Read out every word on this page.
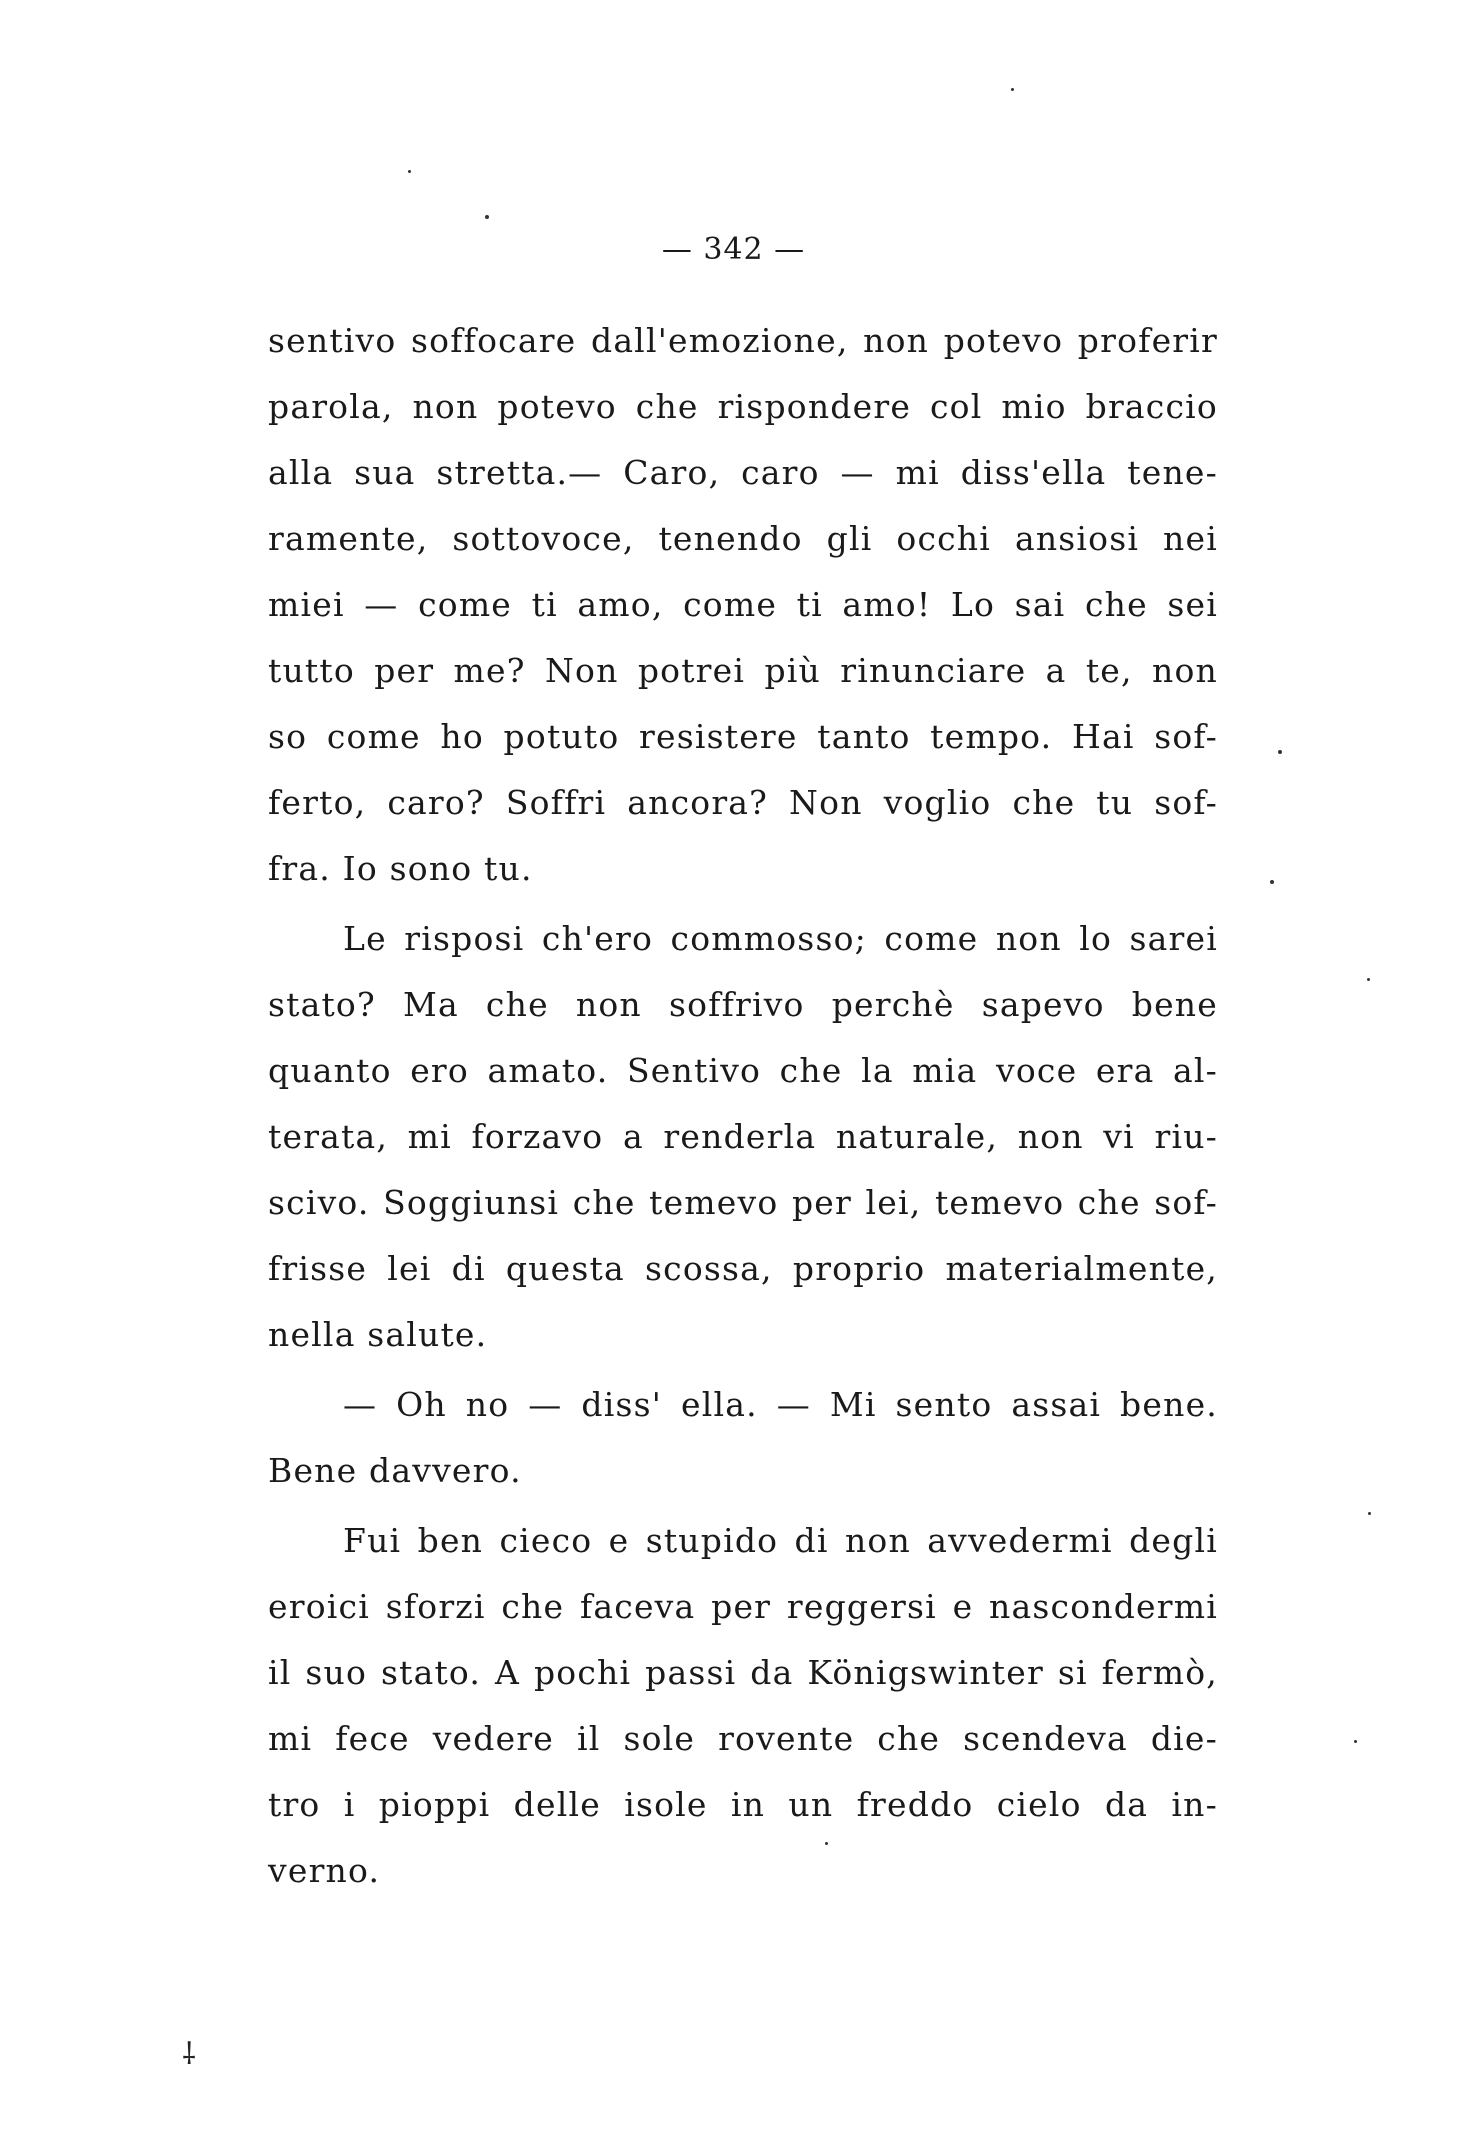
— 342 —
sentivo soffocare dall'emozione, non potevo proferir
parola, non potevo che rispondere col mio braccio
alla sua stretta.— Caro, caro — mi diss'ella tene-
ramente, sottovoce, tenendo gli occhi ansiosi nei
miei — come ti amo, come ti amo! Lo sai che sei
tutto per me? Non potrei più rinunciare a te, non
so come ho potuto resistere tanto tempo. Hai sof-
ferto, caro? Soffri ancora? Non voglio che tu sof-
fra. Io sono tu.
Le risposi ch'ero commosso; come non lo sarei
stato? Ma che non soffrivo perchè sapevo bene
quanto ero amato. Sentivo che la mia voce era al-
terata, mi forzavo a renderla naturale, non vi riu-
scivo. Soggiunsi che temevo per lei, temevo che sof-
frisse lei di questa scossa, proprio materialmente,
nella salute.
— Oh no — diss' ella. — Mi sento assai bene.
Bene davvero.
Fui ben cieco e stupido di non avvedermi degli
eroici sforzi che faceva per reggersi e nascondermi
il suo stato. A pochi passi da Königswinter si fermò,
mi fece vedere il sole rovente che scendeva die-
tro i pioppi delle isole in un freddo cielo da in-
verno.
⸸
